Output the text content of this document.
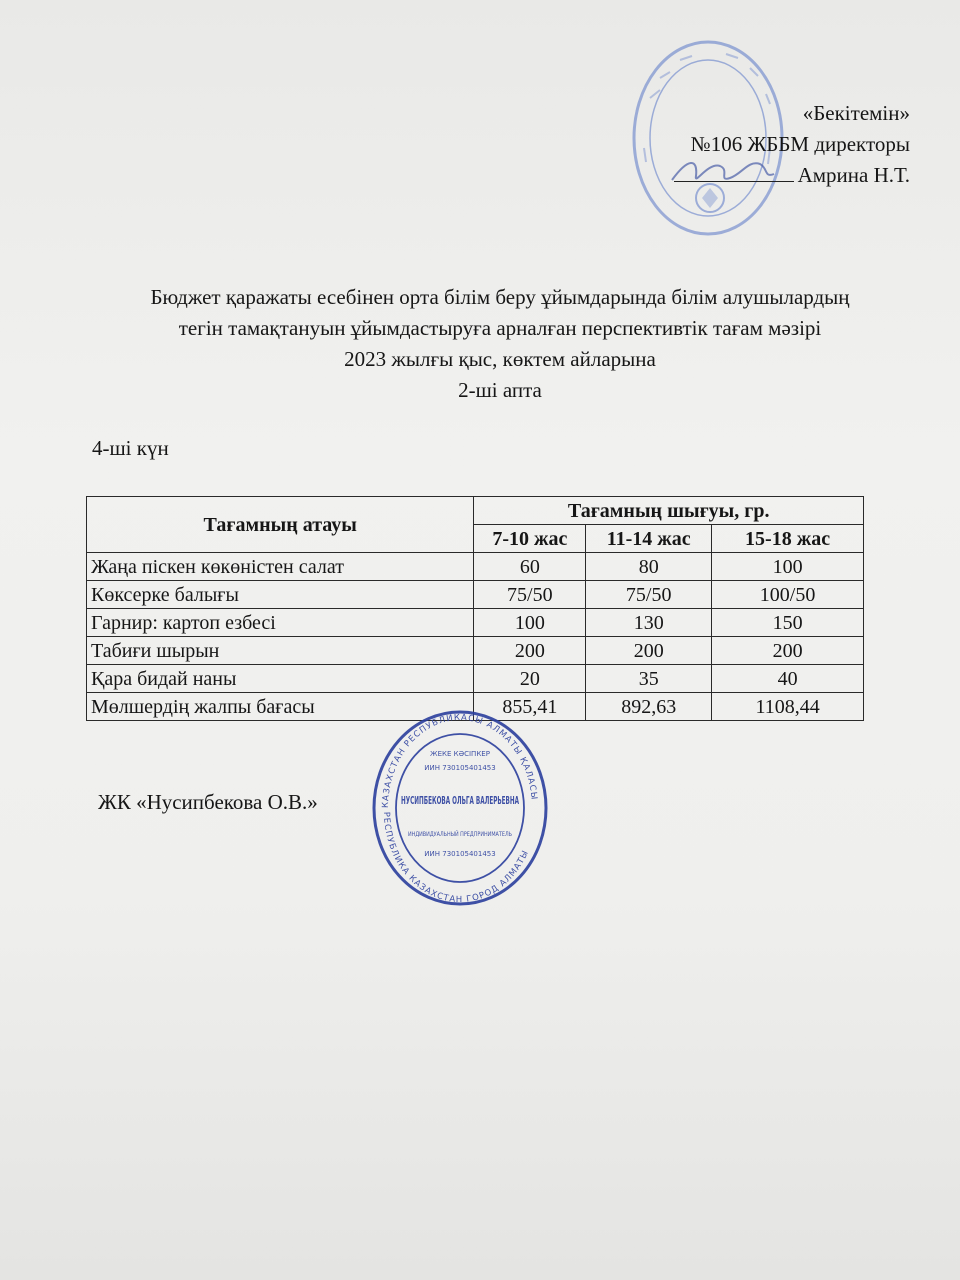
«Бекітемін»
№106 ЖББМ директоры
Амрина Н.Т.
Бюджет қаражаты есебінен орта білім беру ұйымдарында білім алушылардың
тегін тамақтануын ұйымдастыруға арналған перспективтік тағам мәзірі
2023 жылғы қыс, көктем айларына
2-ші апта
4-ші күн
Тағамның атауы	Тағамның шығуы, гр.		
	7-10 жас	11-14 жас	15-18 жас
Жаңа піскен көкөністен салат	60	80	100
Көксерке балығы	75/50	75/50	100/50
Гарнир: картоп езбесі	100	130	150
Табиғи шырын	200	200	200
Қара бидай наны	20	35	40
Мөлшердің жалпы бағасы	855,41	892,63	1108,44
ЖК «Нусипбекова О.В.»	КАЗАХСТАН РЕСПУБЛИКАСЫ АЛМАТЫ ҚАЛАСЫ
РЕСПУБЛИКА КАЗАХСТАН ГОРОД АЛМАТЫ
ЖЕКЕ КӘСІПКЕР
ИИН 730105401453
НУСИПБЕКОВА ОЛЬГА ВАЛЕРЬЕВНА
ИНДИВИДУАЛЬНЫЙ ПРЕДПРИНИМАТЕЛЬ
ИИН 730105401453
